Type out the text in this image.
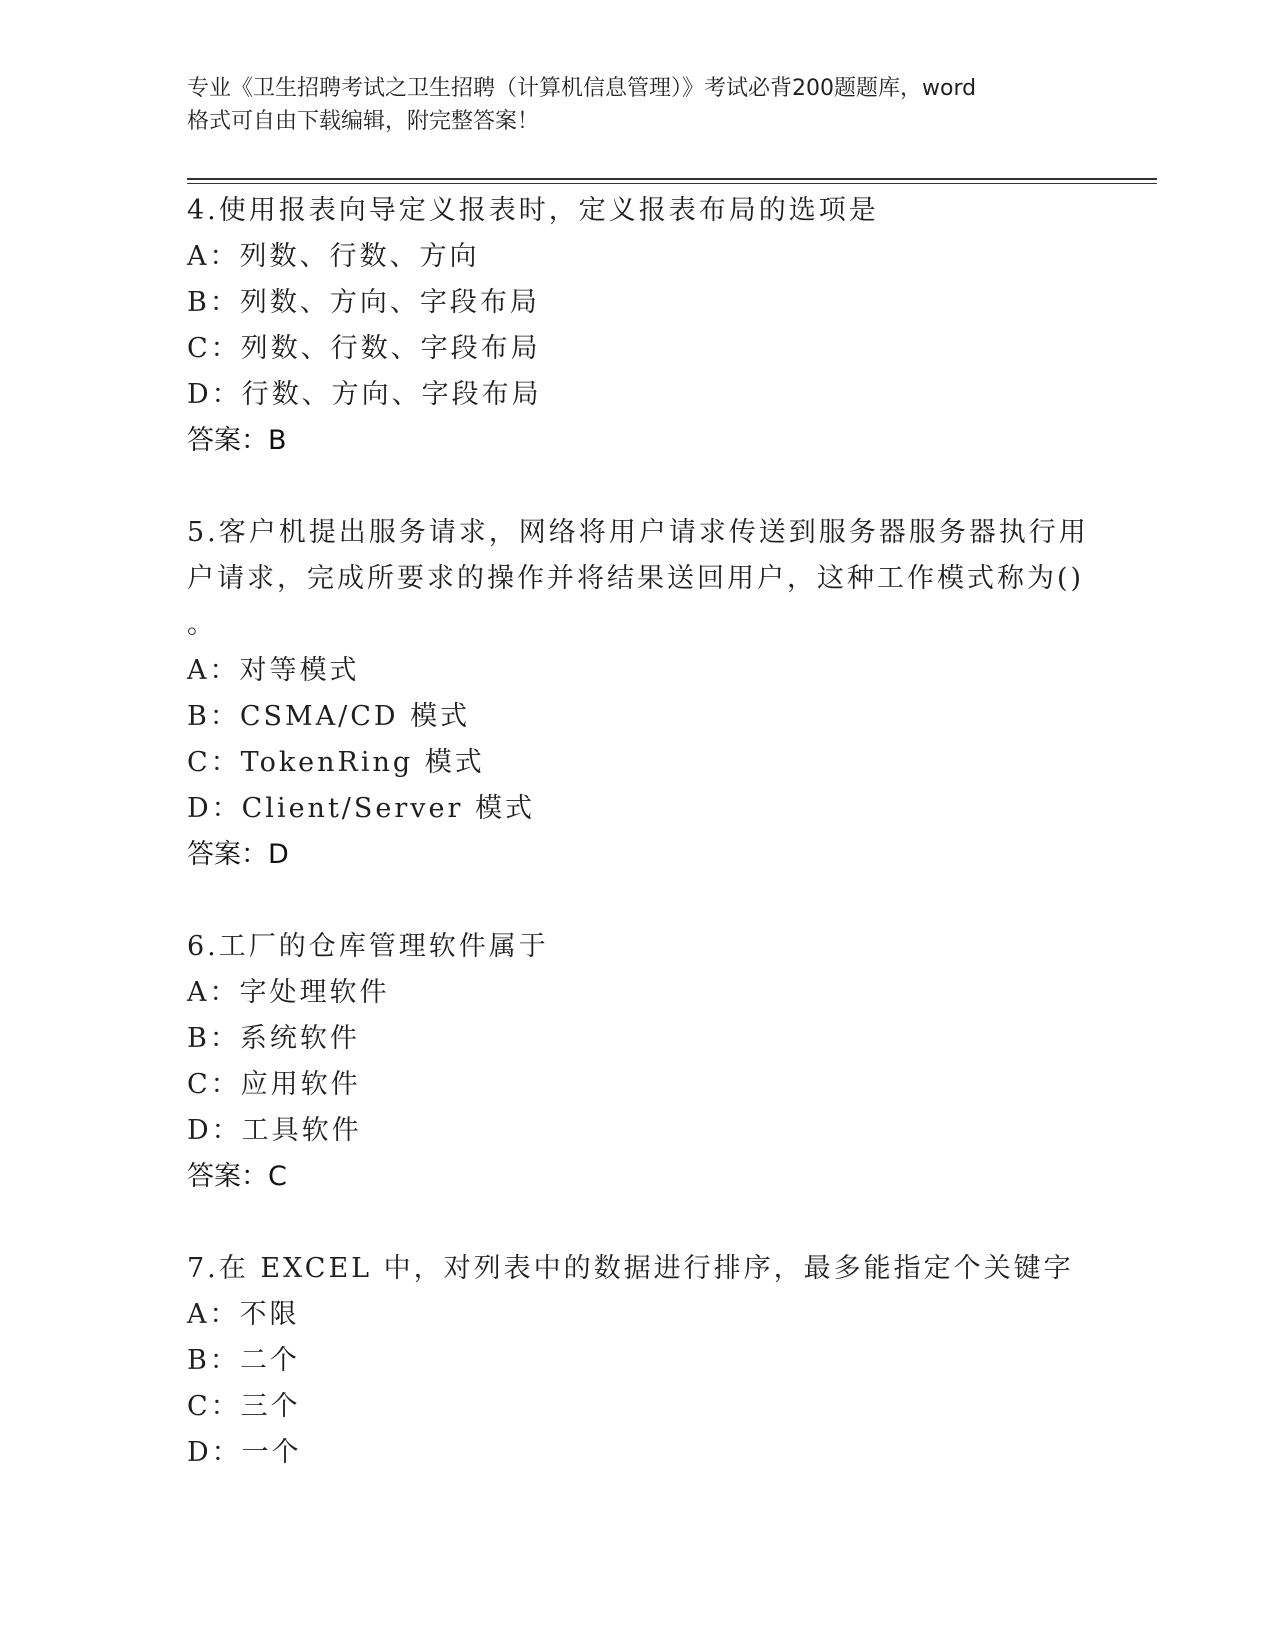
专业《卫生招聘考试之卫生招聘（计算机信息管理）》考试必背200题题库，word
格式可自由下载编辑，附完整答案！
4.使用报表向导定义报表时，定义报表布局的选项是
A：列数、行数、方向
B：列数、方向、字段布局
C：列数、行数、字段布局
D：行数、方向、字段布局
答案：B
5.客户机提出服务请求，网络将用户请求传送到服务器服务器执行用
户请求，完成所要求的操作并将结果送回用户，这种工作模式称为()
。
A：对等模式
B：CSMA/CD 模式
C：TokenRing 模式
D：Client/Server 模式
答案：D
6.工厂的仓库管理软件属于
A：字处理软件
B：系统软件
C：应用软件
D：工具软件
答案：C
7.在 EXCEL 中，对列表中的数据进行排序，最多能指定个关键字
A：不限
B：二个
C：三个
D：一个
